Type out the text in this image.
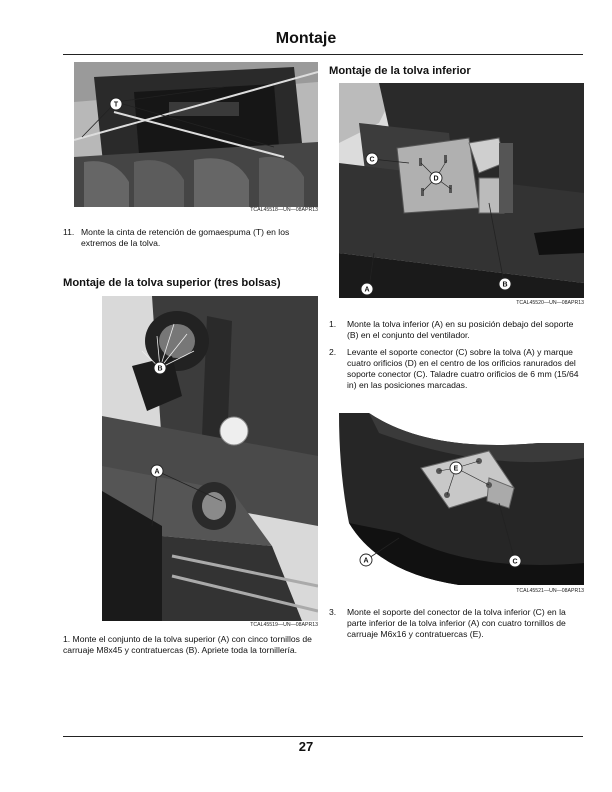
Montaje
T
TCAL45518—UN—08APR13
11. Monte la cinta de retención de gomaespuma (T) en los extremos de la tolva.
Montaje de la tolva superior (tres bolsas)
B
A
TCAL45519—UN—08APR13
1. Monte el conjunto de la tolva superior (A) con cinco tornillos de carruaje M8x45 y contratuercas (B). Apriete toda la tornillería.
Montaje de la tolva inferior
C
D
A
B
TCAL45520—UN—08APR13
1. Monte la tolva inferior (A) en su posición debajo del soporte (B) en el conjunto del ventilador.
2. Levante el soporte conector (C) sobre la tolva (A) y marque cuatro orificios (D) en el centro de los orificios ranurados del soporte conector (C). Taladre cuatro orificios de 6 mm (15/64 in) en las posiciones marcadas.
E
A	C
TCAL45521—UN—08APR13
3. Monte el soporte del conector de la tolva inferior (C) en la parte inferior de la tolva inferior (A) con cuatro tornillos de carruaje M6x16 y contratuercas (E).
27
